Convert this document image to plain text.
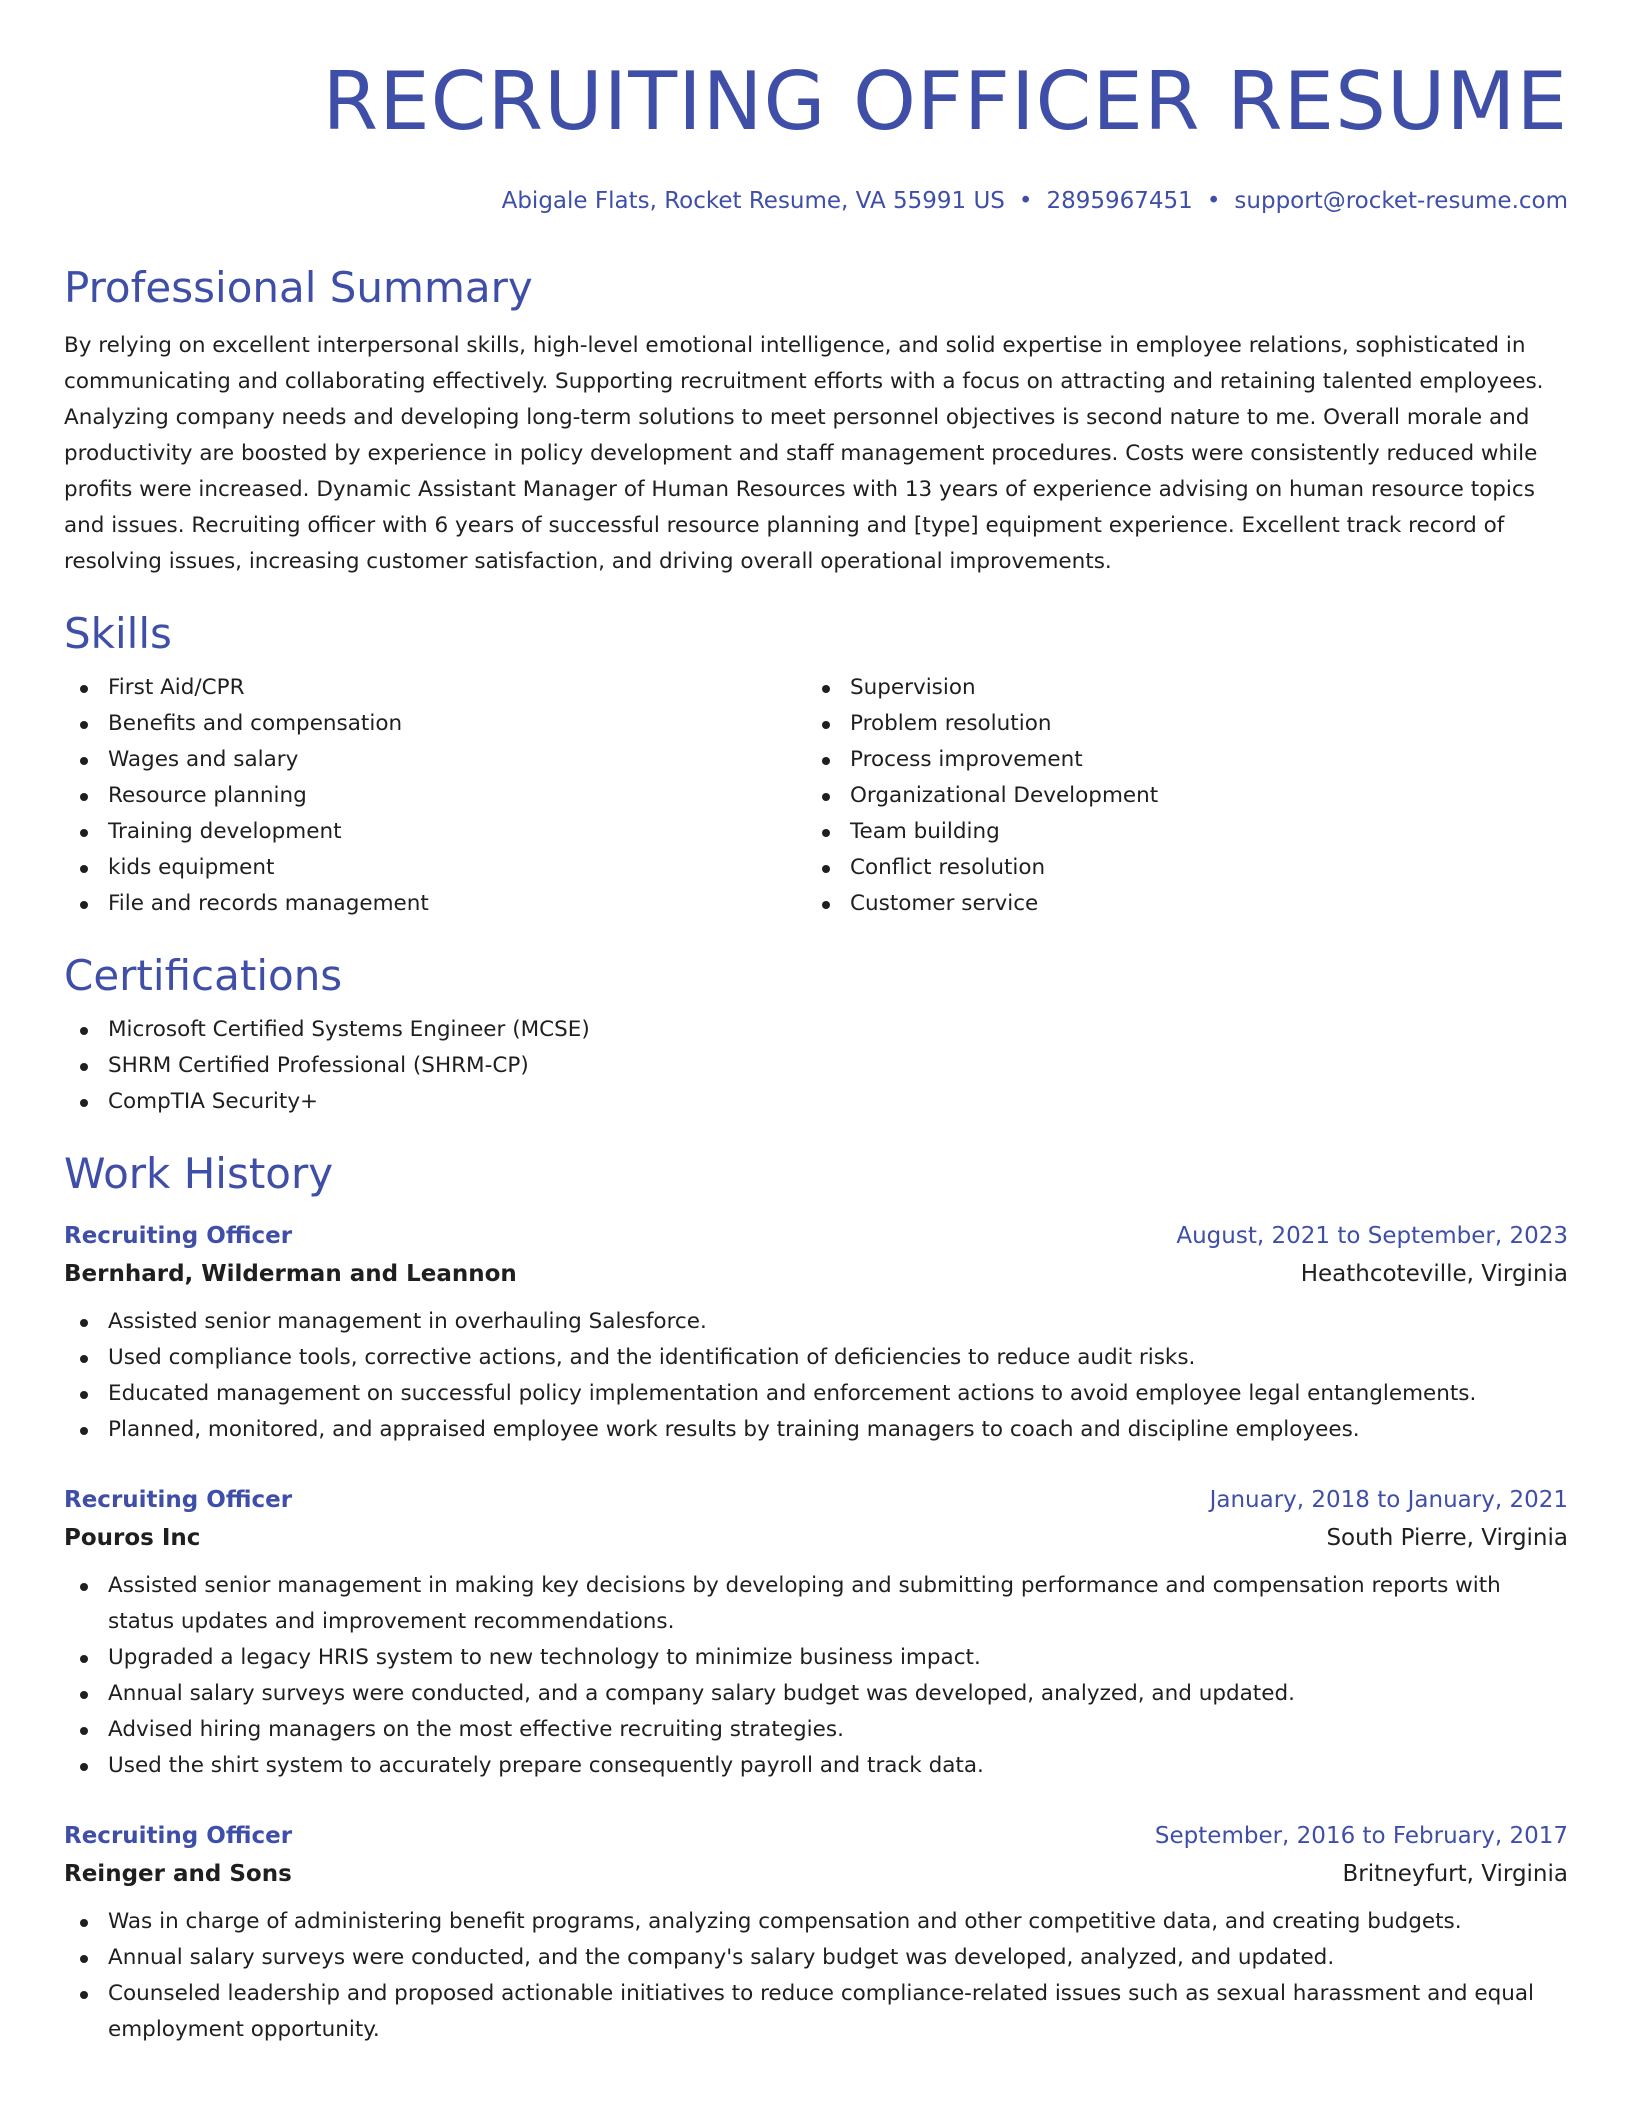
RECRUITING OFFICER RESUME
Abigale Flats, Rocket Resume, VA 55991 US • 2895967451 • support@rocket-resume.com
Professional Summary

By relying on excellent interpersonal skills, high-level emotional intelligence, and solid expertise in employee relations, sophisticated in communicating and collaborating effectively. Supporting recruitment efforts with a focus on attracting and retaining talented employees. Analyzing company needs and developing long-term solutions to meet personnel objectives is second nature to me. Overall morale and productivity are boosted by experience in policy development and staff management procedures. Costs were consistently reduced while profits were increased. Dynamic Assistant Manager of Human Resources with 13 years of experience advising on human resource topics and issues. Recruiting officer with 6 years of successful resource planning and [type] equipment experience. Excellent track record of resolving issues, increasing customer satisfaction, and driving overall operational improvements.

Skills
First Aid/CPR
Benefits and compensation
Wages and salary
Resource planning
Training development
kids equipment
File and records management
Supervision
Problem resolution
Process improvement
Organizational Development
Team building
Conflict resolution
Customer service
Certifications
Microsoft Certified Systems Engineer (MCSE)
SHRM Certified Professional (SHRM-CP)
CompTIA Security+
Work History
Recruiting Officer	August, 2021 to September, 2023
Bernhard, Wilderman and Leannon	Heathcoteville, Virginia
Assisted senior management in overhauling Salesforce.
Used compliance tools, corrective actions, and the identification of deficiencies to reduce audit risks.
Educated management on successful policy implementation and enforcement actions to avoid employee legal entanglements.
Planned, monitored, and appraised employee work results by training managers to coach and discipline employees.
Recruiting Officer	January, 2018 to January, 2021
Pouros Inc	South Pierre, Virginia
Assisted senior management in making key decisions by developing and submitting performance and compensation reports with status updates and improvement recommendations.
Upgraded a legacy HRIS system to new technology to minimize business impact.
Annual salary surveys were conducted, and a company salary budget was developed, analyzed, and updated.
Advised hiring managers on the most effective recruiting strategies.
Used the shirt system to accurately prepare consequently payroll and track data.
Recruiting Officer	September, 2016 to February, 2017
Reinger and Sons	Britneyfurt, Virginia
Was in charge of administering benefit programs, analyzing compensation and other competitive data, and creating budgets.
Annual salary surveys were conducted, and the company's salary budget was developed, analyzed, and updated.
Counseled leadership and proposed actionable initiatives to reduce compliance-related issues such as sexual harassment and equal employment opportunity.
